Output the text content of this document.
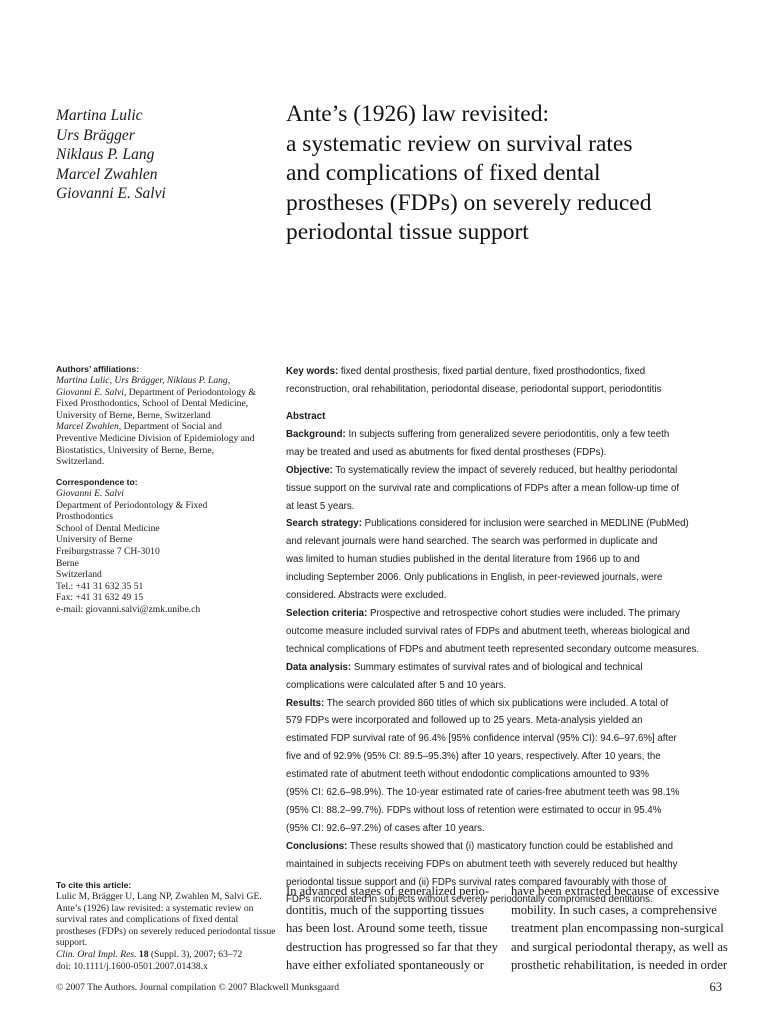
Martina Lulic
Urs Brägger
Niklaus P. Lang
Marcel Zwahlen
Giovanni E. Salvi
Ante’s (1926) law revisited:
a systematic review on survival rates
and complications of fixed dental
prostheses (FDPs) on severely reduced
periodontal tissue support
Authors’ affiliations:
Martina Lulic, Urs Brägger, Niklaus P. Lang,
Giovanni E. Salvi, Department of Periodontology &
Fixed Prosthodontics, School of Dental Medicine,
University of Berne, Berne, Switzerland
Marcel Zwahlen, Department of Social and
Preventive Medicine Division of Epidemiology and
Biostatistics, University of Berne, Berne,
Switzerland.
Correspondence to:
Giovanni E. Salvi
Department of Periodontology & Fixed
Prosthodontics
School of Dental Medicine
University of Berne
Freiburgstrasse 7 CH-3010
Berne
Switzerland
Tel.: +41 31 632 35 51
Fax: +41 31 632 49 15
e-mail: giovanni.salvi@zmk.unibe.ch
To cite this article:
Lulic M, Brägger U, Lang NP, Zwahlen M, Salvi GE.
Ante’s (1926) law revisited: a systematic review on
survival rates and complications of fixed dental
prostheses (FDPs) on severely reduced periodontal tissue
support.
Clin. Oral Impl. Res. 18 (Suppl. 3), 2007; 63–72
doi: 10.1111/j.1600-0501.2007.01438.x
Key words: fixed dental prosthesis, fixed partial denture, fixed prosthodontics, fixed
reconstruction, oral rehabilitation, periodontal disease, periodontal support, periodontitis
Abstract
Background: In subjects suffering from generalized severe periodontitis, only a few teeth
may be treated and used as abutments for fixed dental prostheses (FDPs).
Objective: To systematically review the impact of severely reduced, but healthy periodontal
tissue support on the survival rate and complications of FDPs after a mean follow-up time of
at least 5 years.
Search strategy: Publications considered for inclusion were searched in MEDLINE (PubMed)
and relevant journals were hand searched. The search was performed in duplicate and
was limited to human studies published in the dental literature from 1966 up to and
including September 2006. Only publications in English, in peer-reviewed journals, were
considered. Abstracts were excluded.
Selection criteria: Prospective and retrospective cohort studies were included. The primary
outcome measure included survival rates of FDPs and abutment teeth, whereas biological and
technical complications of FDPs and abutment teeth represented secondary outcome measures.
Data analysis: Summary estimates of survival rates and of biological and technical
complications were calculated after 5 and 10 years.
Results: The search provided 860 titles of which six publications were included. A total of
579 FDPs were incorporated and followed up to 25 years. Meta-analysis yielded an
estimated FDP survival rate of 96.4% [95% confidence interval (95% CI): 94.6–97.6%] after
five and of 92.9% (95% CI: 89.5–95.3%) after 10 years, respectively. After 10 years, the
estimated rate of abutment teeth without endodontic complications amounted to 93%
(95% CI: 62.6–98.9%). The 10-year estimated rate of caries-free abutment teeth was 98.1%
(95% CI: 88.2–99.7%). FDPs without loss of retention were estimated to occur in 95.4%
(95% CI: 92.6–97.2%) of cases after 10 years.
Conclusions: These results showed that (i) masticatory function could be established and
maintained in subjects receiving FDPs on abutment teeth with severely reduced but healthy
periodontal tissue support and (ii) FDPs survival rates compared favourably with those of
FDPs incorporated in subjects without severely periodontally compromised dentitions.
In advanced stages of generalized perio-
dontitis, much of the supporting tissues
has been lost. Around some teeth, tissue
destruction has progressed so far that they
have either exfoliated spontaneously or
have been extracted because of excessive
mobility. In such cases, a comprehensive
treatment plan encompassing non-surgical
and surgical periodontal therapy, as well as
prosthetic rehabilitation, is needed in order
© 2007 The Authors. Journal compilation © 2007 Blackwell Munksgaard	63
